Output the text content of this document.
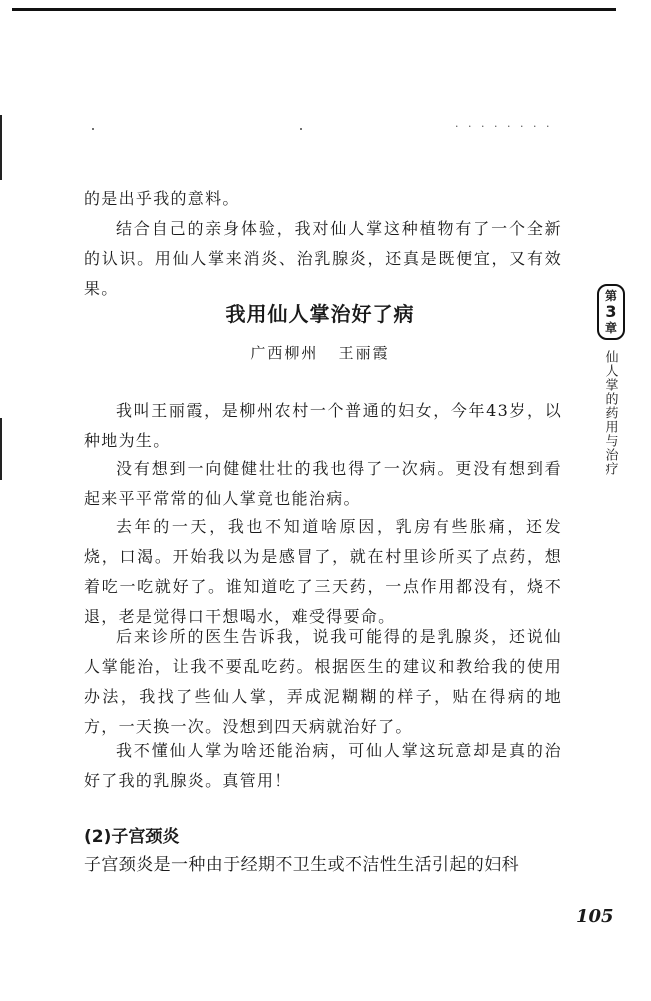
· · · · · · · ·

的是出乎我的意料。

结合自己的亲身体验，我对仙人掌这种植物有了一个全新的认识。用仙人掌来消炎、治乳腺炎，还真是既便宜，又有效果。

我用仙人掌治好了病
广西柳州   王丽霞

我叫王丽霞，是柳州农村一个普通的妇女，今年43岁，以种地为生。

没有想到一向健健壮壮的我也得了一次病。更没有想到看起来平平常常的仙人掌竟也能治病。

去年的一天，我也不知道啥原因，乳房有些胀痛，还发烧，口渴。开始我以为是感冒了，就在村里诊所买了点药，想着吃一吃就好了。谁知道吃了三天药，一点作用都没有，烧不退，老是觉得口干想喝水，难受得要命。

后来诊所的医生告诉我，说我可能得的是乳腺炎，还说仙人掌能治，让我不要乱吃药。根据医生的建议和教给我的使用办法，我找了些仙人掌，弄成泥糊糊的样子，贴在得病的地方，一天换一次。没想到四天病就治好了。

我不懂仙人掌为啥还能治病，可仙人掌这玩意却是真的治好了我的乳腺炎。真管用！

(2)子宫颈炎
子宫颈炎是一种由于经期不卫生或不洁性生活引起的妇科
第
3
章
仙人掌的药用与治疗
105
